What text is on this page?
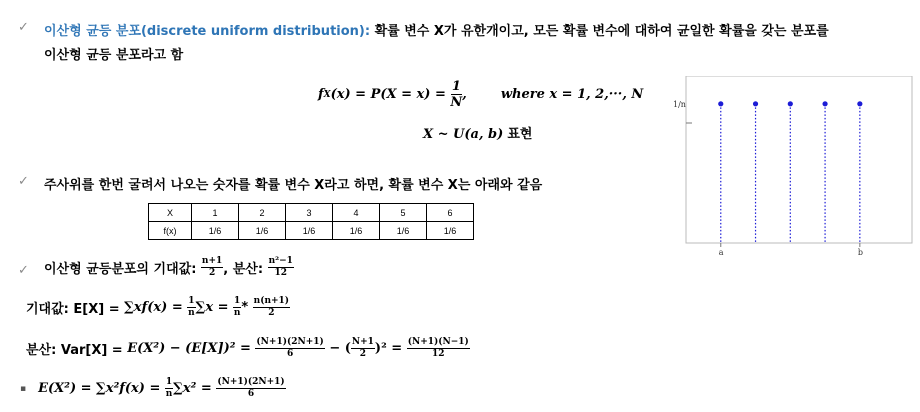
✓ 이산형 균등 분포(discrete uniform distribution): 확률 변수 X가 유한개이고, 모든 확률 변수에 대하여 균일한 확률을 갖는 분포를
이산형 균등 분포라고 함
f X (x) = P(X = x) =
$\frac{1}{N}$ ,	where
x = 1, 2,···, N
X ~ U(a, b) 표현
a	b
1/n
✓ 주사위를 한번 굴려서 나오는 숫자를 확률 변수 X라고 하면, 확률 변수 X는 아래와 같음
X	1	2	3	4	5	6
f(x)	1/6	1/6	1/6	1/6	1/6	1/6
✓ 이산형 균등분포의 기대값:
$\frac{n+1}{2}$ , 분산:
$\frac{\text{n²−1}}{12}$
기대값: E[X] =
∑xf(x) =
$\frac{1}{n} \sum x$ =
$\frac{1}{n}$ *
$\frac{n(n+1)}{2}$
분산: Var[X] =
E(X²) − (E[X])² =
$\frac{(N+1)(2N+1)}{6}$
− ( $\frac{N+1}{2} )^2$ =
$\frac{(N+1)(N-1)}{12}$
▪ E(X²) = ∑x²f(x) =
$\frac{1}{n} \sum x^2$ =
$\frac{(N+1)(2N+1)}{6}$
